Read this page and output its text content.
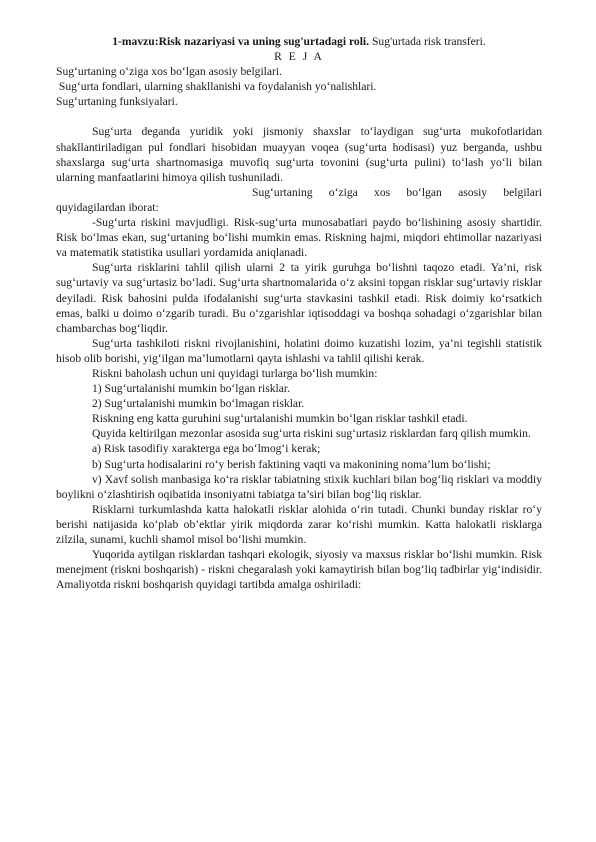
1-mavzu:Risk nazariyasi va uning sug'urtadagi roli. Sug'urtada risk transferi.

R E J A

Sug‘urtaning o‘ziga xos bo‘lgan asosiy belgilari.

Sug‘urta fondlari, ularning shakllanishi va foydalanish yo‘nalishlari.

Sug‘urtaning funksiyalari.

Sug‘urta deganda yuridik yoki jismoniy shaxslar to‘laydigan sug‘urta mukofotlaridan shakllantiriladigan pul fondlari hisobidan muayyan voqea (sug‘urta hodisasi) yuz berganda, ushbu shaxslarga sug‘urta shartnomasiga muvofiq sug‘urta tovonini (sug‘urta pulini) to‘lash yo‘li bilan ularning manfaatlarini himoya qilish tushuniladi.

Sug‘urtaning o‘ziga xos bo‘lgan asosiy belgilari quyidagilardan iborat:

-Sug‘urta riskini mavjudligi. Risk-sug‘urta munosabatlari paydo bo‘lishining asosiy shartidir. Risk bo‘lmas ekan, sug‘urtaning bo‘lishi mumkin emas. Riskning hajmi, miqdori ehtimollar nazariyasi va matematik statistika usullari yordamida aniqlanadi.

Sug‘urta risklarini tahlil qilish ularni 2 ta yirik guruhga bo‘lishni taqozo etadi. Ya’ni, risk sug‘urtaviy va sug‘urtasiz bo‘ladi. Sug‘urta shartnomalarida o‘z aksini topgan risklar sug‘urtaviy risklar deyiladi. Risk bahosini pulda ifodalanishi sug‘urta stavkasini tashkil etadi. Risk doimiy ko‘rsatkich emas, balki u doimo o‘zgarib turadi. Bu o‘zgarishlar iqtisoddagi va boshqa sohadagi o‘zgarishlar bilan chambarchas bog‘liqdir.

Sug‘urta tashkiloti riskni rivojlanishini, holatini doimo kuzatishi lozim, ya’ni tegishli statistik hisob olib borishi, yig‘ilgan ma’lumotlarni qayta ishlashi va tahlil qilishi kerak.

Riskni baholash uchun uni quyidagi turlarga bo‘lish mumkin:

1) Sug‘urtalanishi mumkin bo‘lgan risklar.

2) Sug‘urtalanishi mumkin bo‘lmagan risklar.

Riskning eng katta guruhini sug‘urtalanishi mumkin bo‘lgan risklar tashkil etadi.

Quyida keltirilgan mezonlar asosida sug‘urta riskini sug‘urtasiz risklardan farq qilish mumkin.

a) Risk tasodifiy xarakterga ega bo‘lmog‘i kerak;

b) Sug‘urta hodisalarini ro‘y berish faktining vaqti va makonining noma’lum bo‘lishi;

v) Xavf solish manbasiga ko‘ra risklar tabiatning stixik kuchlari bilan bog‘liq risklari va moddiy boylikni o‘zlashtirish oqibatida insoniyatni tabiatga ta’siri bilan bog‘liq risklar.

Risklarni turkumlashda katta halokatli risklar alohida o‘rin tutadi. Chunki bunday risklar ro‘y berishi natijasida ko‘plab ob’ektlar yirik miqdorda zarar ko‘rishi mumkin. Katta halokatli risklarga zilzila, sunami, kuchli shamol misol bo‘lishi mumkin.

Yuqorida aytilgan risklardan tashqari ekologik, siyosiy va maxsus risklar bo‘lishi mumkin. Risk menejment (riskni boshqarish) - riskni chegaralash yoki kamaytirish bilan bog‘liq tadbirlar yig‘indisidir. Amaliyotda riskni boshqarish quyidagi tartibda amalga oshiriladi:
